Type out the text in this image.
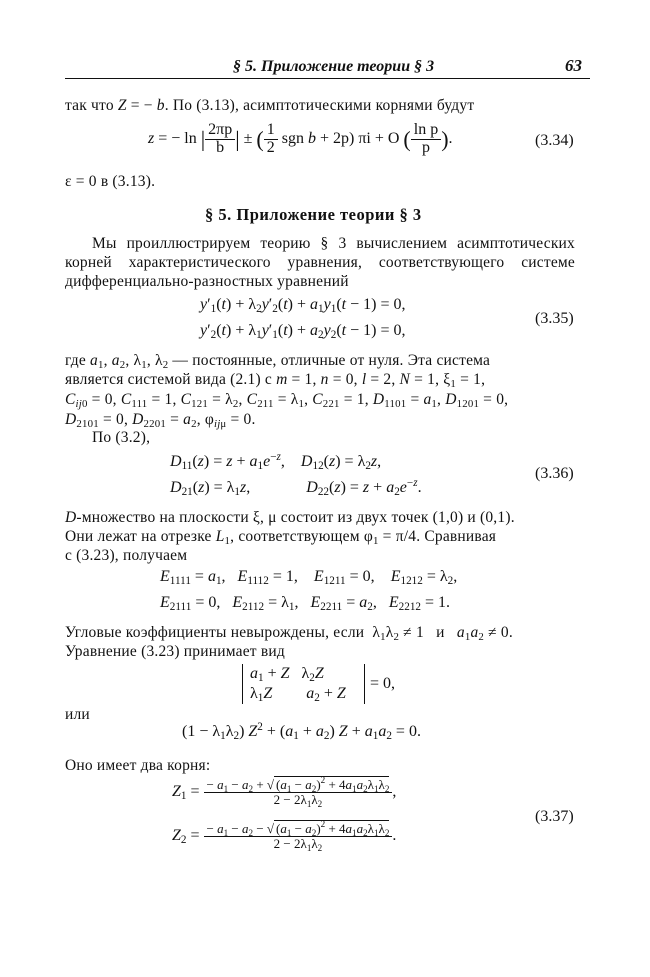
§ 5. Приложение теории § 3	63
так что Z = − b. По (3.13), асимптотическими корнями будут
z = − ln | $\frac{2\pi p}{b}$ | ± ( $\frac{1}{2}$ sgn b + 2p) πi + O ( $\frac{\text{ln p}}{p}$ ).	(3.34)
ε = 0 в (3.13).
§ 5. Приложение теории § 3
Мы проиллюстрируем теорию § 3 вычислением асимптотических
корней характеристического уравнения, соответствующего системе
дифференциально-разностных уравнений
$y'_1(t) + \lambda_2y'_2(t) + a_1y_1(t - 1) = 0$,
$y'_2(t) + \lambda_1y'_1(t) + a_2y_2(t - 1) = 0$,
(3.35)
где $a_1$, $a_2$, $\lambda_1$, $\lambda_2$ — постоянные, отличные от нуля. Эта система
является системой вида (2.1) с m = 1, n = 0, l = 2, N = 1, $\xi_1 = 1$,
$C_{ij0} = 0$, $C_{111} = 1$, $C_{121} = \lambda_2$, $C_{211} = \lambda_1$, $C_{221} = 1$, $D_{1101} = a_1$, $D_{1201} = 0$,
$D_{2101} = 0$, $D_{2201} = a_2$, $\varphi_{ij\mu} = 0$.
По (3.2),
$D_{11}(z) = z + a_1e^{-z}$,    $D_{12}(z) = \lambda_2z$,
$D_{21}(z) = \lambda_1z$,	$D_{22}(z) = z + a_2e^{-z}$.
(3.36)
D-множество на плоскости ξ, μ состоит из двух точек (1,0) и (0,1).
Они лежат на отрезке $L_1$, соответствующем $\varphi_1 = \pi/4$. Сравнивая
с (3.23), получаем
$E_{1111} = a_1$,   $E_{1112} = 1$,    $E_{1211} = 0$,    $E_{1212} = \lambda_2$,
$E_{2111} = 0$,   $E_{2112} = \lambda_1$,   $E_{2211} = a_2$,   $E_{2212} = 1$.
Угловые коэффициенты невырождены, если  $\lambda_1\lambda_2 \ne 1$   и $a_1a_2 \ne 0$.
Уравнение (3.23) принимает вид
$a_1 + Z$   $\lambda_2Z$
$\lambda_1Z$ $a_2 + Z$
= 0,
или
$(1 - \lambda_1\lambda_2)$ $Z^2 + (a_1 + a_2) Z + a_1a_2 = 0$.
Оно имеет два корня:
$Z_1 = \frac{- a_1 - a_2 + √ (a_1 - a_2)^2 + 4a_1a_2\lambda_1\lambda_2}{2 - 2\lambda_1\lambda_2}$ ,
$Z_2 = \frac{- a_1 - a_2 - √ (a_1 - a_2)^2 + 4a_1a_2\lambda_1\lambda_2}{2 - 2\lambda_1\lambda_2}$ .
(3.37)
